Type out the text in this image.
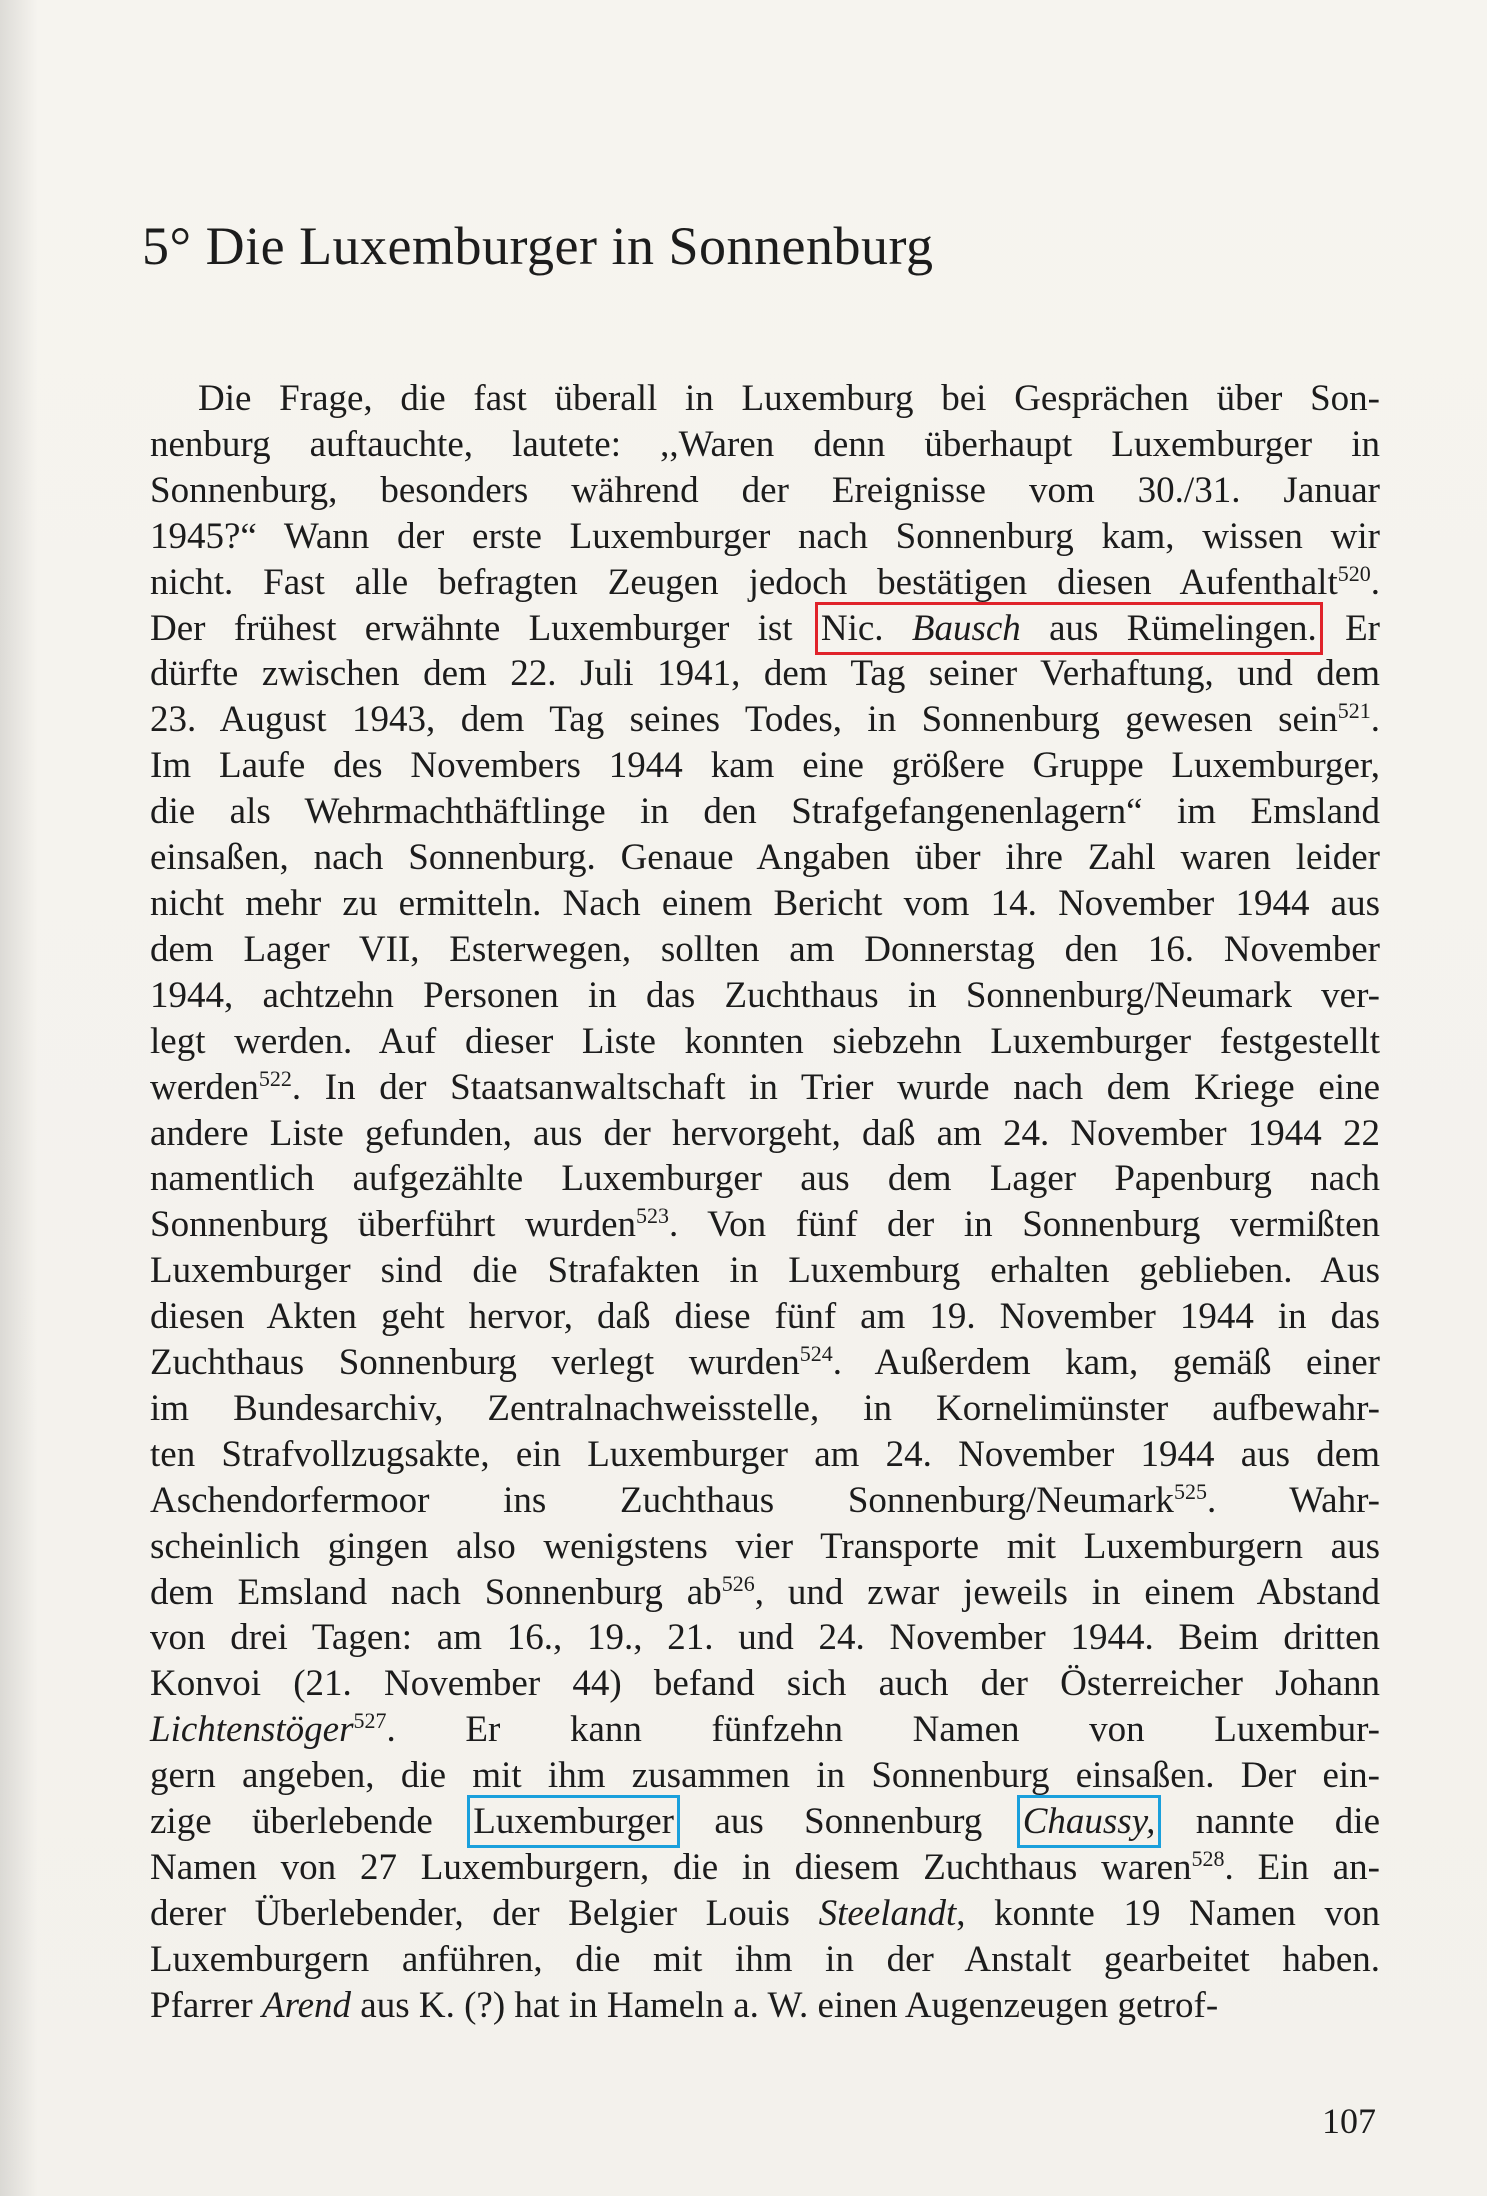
5° Die Luxemburger in Sonnenburg
Die Frage, die fast überall in Luxemburg bei Gesprächen über Son-
nenburg auftauchte, lautete: ,,Waren denn überhaupt Luxemburger in
Sonnenburg, besonders während der Ereignisse vom 30./31. Januar
1945?“ Wann der erste Luxemburger nach Sonnenburg kam, wissen wir
nicht. Fast alle befragten Zeugen jedoch bestätigen diesen Aufenthalt$^{520}$.
Der frühest erwähnte Luxemburger ist Nic. Bausch aus Rümelingen. Er
dürfte zwischen dem 22. Juli 1941, dem Tag seiner Verhaftung, und dem
23. August 1943, dem Tag seines Todes, in Sonnenburg gewesen sein$^{521}$.
Im Laufe des Novembers 1944 kam eine größere Gruppe Luxemburger,
die als Wehrmachthäftlinge in den Strafgefangenenlagern“ im Emsland
einsaßen, nach Sonnenburg. Genaue Angaben über ihre Zahl waren leider
nicht mehr zu ermitteln. Nach einem Bericht vom 14. November 1944 aus
dem Lager VII, Esterwegen, sollten am Donnerstag den 16. November
1944, achtzehn Personen in das Zuchthaus in Sonnenburg/Neumark ver-
legt werden. Auf dieser Liste konnten siebzehn Luxemburger festgestellt
werden$^{522}$. In der Staatsanwaltschaft in Trier wurde nach dem Kriege eine
andere Liste gefunden, aus der hervorgeht, daß am 24. November 1944 22
namentlich aufgezählte Luxemburger aus dem Lager Papenburg nach
Sonnenburg überführt wurden$^{523}$. Von fünf der in Sonnenburg vermißten
Luxemburger sind die Strafakten in Luxemburg erhalten geblieben. Aus
diesen Akten geht hervor, daß diese fünf am 19. November 1944 in das
Zuchthaus Sonnenburg verlegt wurden$^{524}$. Außerdem kam, gemäß einer
im Bundesarchiv, Zentralnachweisstelle, in Kornelimünster aufbewahr-
ten Strafvollzugsakte, ein Luxemburger am 24. November 1944 aus dem
Aschendorfermoor ins Zuchthaus Sonnenburg/Neumark$^{525}$. Wahr-
scheinlich gingen also wenigstens vier Transporte mit Luxemburgern aus
dem Emsland nach Sonnenburg ab$^{526}$, und zwar jeweils in einem Abstand
von drei Tagen: am 16., 19., 21. und 24. November 1944. Beim dritten
Konvoi (21. November 44) befand sich auch der Österreicher Johann
Lichtenstöger$^{527}$. Er kann fünfzehn Namen von Luxembur-
gern angeben, die mit ihm zusammen in Sonnenburg einsaßen. Der ein-
zige überlebende Luxemburger aus Sonnenburg Chaussy, nannte die
Namen von 27 Luxemburgern, die in diesem Zuchthaus waren$^{528}$. Ein an-
derer Überlebender, der Belgier Louis Steelandt, konnte 19 Namen von
Luxemburgern anführen, die mit ihm in der Anstalt gearbeitet haben.
Pfarrer Arend aus K. (?) hat in Hameln a. W. einen Augenzeugen getrof-
107
